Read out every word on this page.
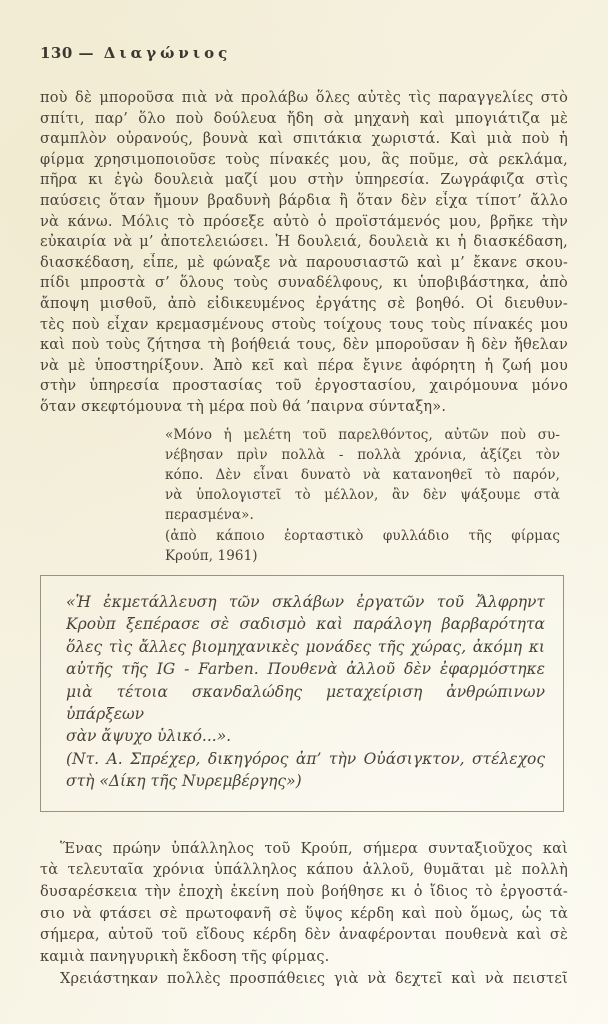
130 — Διαγώνιος
ποὺ δὲ μποροῦσα πιὰ νὰ προλάβω ὅλες αὐτὲς τὶς παραγγελίες στὸ
σπίτι, παρ’ ὅλο ποὺ δούλευα ἤδη σὰ μηχανὴ καὶ μπογιάτιζα μὲ
σαμπλὸν οὐρανούς, βουνὰ καὶ σπιτάκια χωριστά. Καὶ μιὰ ποὺ ἡ
φίρμα χρησιμοποιοῦσε τοὺς πίνακές μου, ἃς ποῦμε, σὰ ρεκλάμα,
πῆρα κι ἐγὼ δουλειὰ μαζί μου στὴν ὑπηρεσία. Ζωγράφιζα στὶς
παύσεις ὅταν ἤμουν βραδυνὴ βάρδια ἢ ὅταν δὲν εἶχα τίποτ’ ἄλλο
νὰ κάνω. Μόλις τὸ πρόσεξε αὐτὸ ὁ προϊστάμενός μου, βρῆκε τὴν
εὐκαιρία νὰ μ’ ἀποτελειώσει. Ἡ δουλειά, δουλειὰ κι ἡ διασκέδαση,
διασκέδαση, εἶπε, μὲ φώναξε νὰ παρουσιαστῶ καὶ μ’ ἔκανε σκου-
πίδι μπροστὰ σ’ ὅλους τοὺς συναδέλφους, κι ὑποβιβάστηκα, ἀπὸ
ἄποψη μισθοῦ, ἀπὸ εἰδικευμένος ἐργάτης σὲ βοηθό. Οἱ διευθυν-
τὲς ποὺ εἶχαν κρεμασμένους στοὺς τοίχους τους τοὺς πίνακές μου
καὶ ποὺ τοὺς ζήτησα τὴ βοήθειά τους, δὲν μποροῦσαν ἢ δὲν ἤθελαν
νὰ μὲ ὑποστηρίξουν. Ἀπὸ κεῖ καὶ πέρα ἔγινε ἀφόρητη ἡ ζωή μου
στὴν ὑπηρεσία προστασίας τοῦ ἐργοστασίου, χαιρόμουνα μόνο
ὅταν σκεφτόμουνα τὴ μέρα ποὺ θά ’παιρνα σύνταξη».
«Μόνο ἡ μελέτη τοῦ παρελθόντος, αὐτῶν ποὺ συ-
νέβησαν πρὶν πολλὰ - πολλὰ χρόνια, ἀξίζει τὸν
κόπο. Δὲν εἶναι δυνατὸ νὰ κατανοηθεῖ τὸ παρόν,
νὰ ὑπολογιστεῖ τὸ μέλλον, ἂν δὲν ψάξουμε στὰ
περασμένα».
(ἀπὸ κάποιο ἑορταστικὸ φυλλάδιο τῆς φίρμας
Κρούπ, 1961)
«Ἡ ἐκμετάλλευση τῶν σκλάβων ἐργατῶν τοῦ Ἄλφρηντ
Κροὺπ ξεπέρασε σὲ σαδισμὸ καὶ παράλογη βαρβαρότητα
ὅλες τὶς ἄλλες βιομηχανικὲς μονάδες τῆς χώρας, ἀκόμη κι
αὐτῆς τῆς IG - Farben. Πουθενὰ ἀλλοῦ δὲν ἐφαρμόστηκε
μιὰ τέτοια σκανδαλώδης μεταχείριση ἀνθρώπινων ὑπάρξεων
σὰν ἄψυχο ὑλικό...».
(Ντ. Α. Σπρέχερ, δικηγόρος ἀπ’ τὴν Οὐάσιγκτον, στέλεχος
στὴ «Δίκη τῆς Νυρεμβέργης»)
Ἕνας πρώην ὑπάλληλος τοῦ Κρούπ, σήμερα συνταξιοῦχος καὶ
τὰ τελευταῖα χρόνια ὑπάλληλος κάπου ἀλλοῦ, θυμᾶται μὲ πολλὴ
δυσαρέσκεια τὴν ἐποχὴ ἐκείνη ποὺ βοήθησε κι ὁ ἴδιος τὸ ἐργοστά-
σιο νὰ φτάσει σὲ πρωτοφανῆ σὲ ὕψος κέρδη καὶ ποὺ ὅμως, ὡς τὰ
σήμερα, αὐτοῦ τοῦ εἴδους κέρδη δὲν ἀναφέρονται πουθενὰ καὶ σὲ
καμιὰ πανηγυρικὴ ἔκδοση τῆς φίρμας.
Χρειάστηκαν πολλὲς προσπάθειες γιὰ νὰ δεχτεῖ καὶ νὰ πειστεῖ
